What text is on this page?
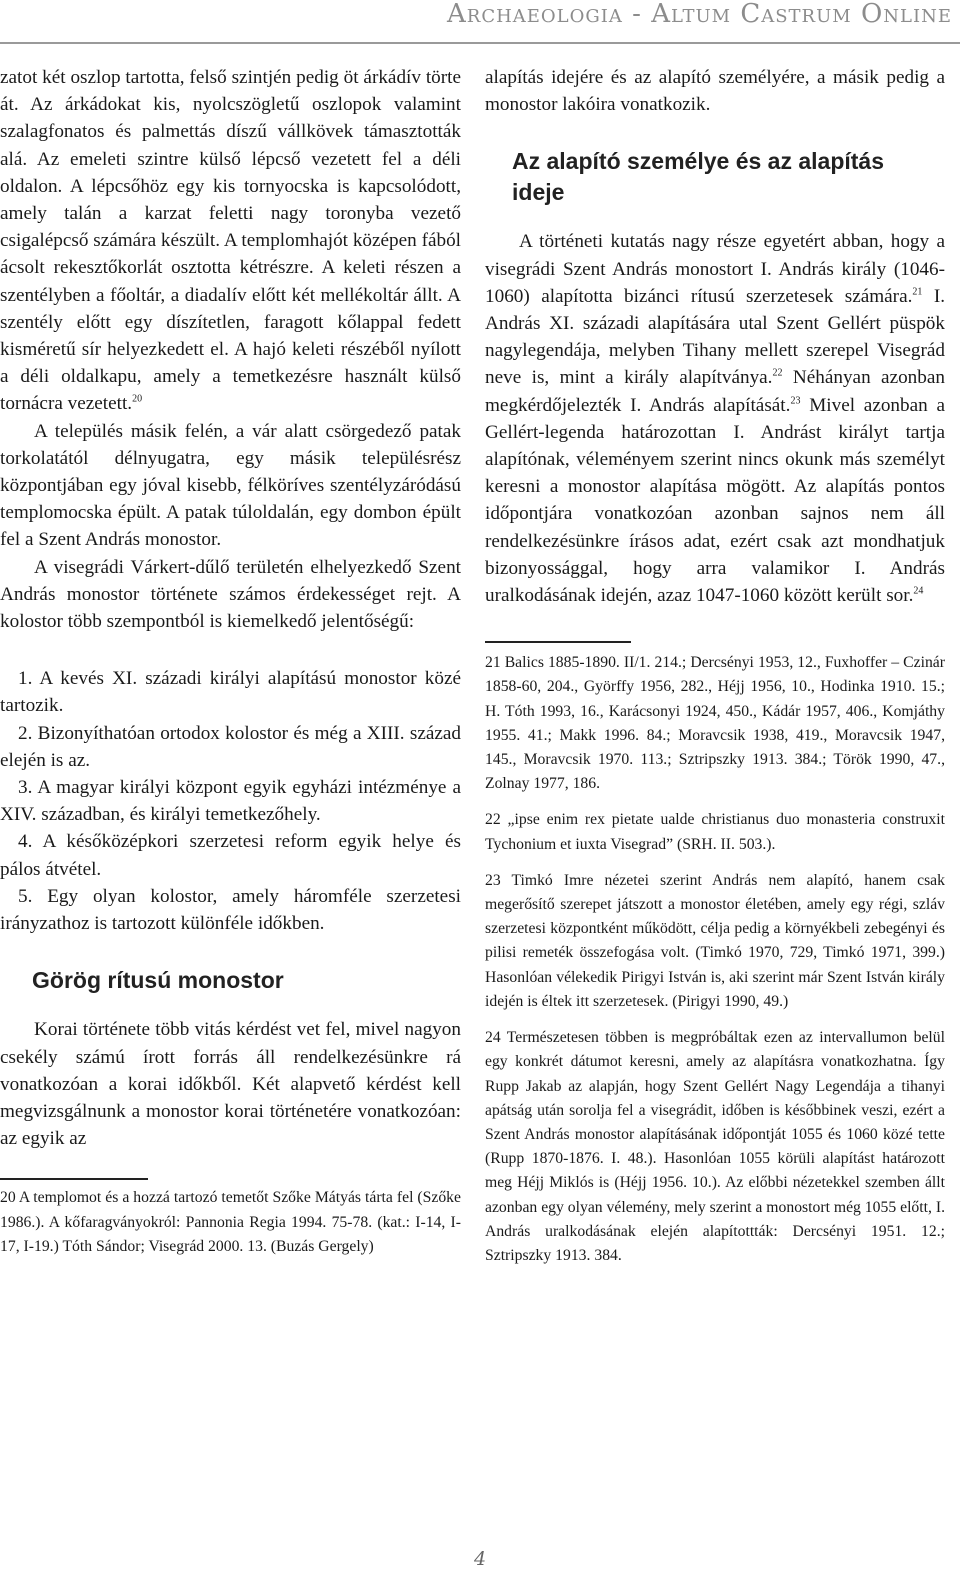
Archaeologia - Altum Castrum Online

zatot két oszlop tartotta, felső szintjén pedig öt árkádív törte át. Az árkádokat kis, nyolcszögletű oszlopok valamint szalagfonatos és palmettás díszű vállkövek támasztották alá. Az emeleti szintre külső lépcső vezetett fel a déli oldalon. A lépcsőhöz egy kis tornyocska is kapcsolódott, amely talán a karzat feletti nagy toronyba vezető csigalépcső számára készült. A templomhajót középen fából ácsolt rekesztőkorlát osztotta kétrészre. A keleti részen a szentélyben a főoltár, a diadalív előtt két mellékoltár állt. A szentély előtt egy díszítetlen, faragott kőlappal fedett kisméretű sír helyezkedett el. A hajó keleti részéből nyílott a déli oldalkapu, amely a temetkezésre használt külső tornácra vezetett.$^{20}$

A település másik felén, a vár alatt csörgedező patak torkolatától délnyugatra, egy másik településrész központjában egy jóval kisebb, félköríves szentélyzáródású templomocska épült. A patak túloldalán, egy dombon épült fel a Szent András monostor.

A visegrádi Várkert-dűlő területén elhelyezkedő Szent András monostor története számos érdekességet rejt. A kolostor több szempontból is kiemelkedő jelentőségű:

1. A kevés XI. századi királyi alapítású monostor közé tartozik.

2. Bizonyíthatóan ortodox kolostor és még a XIII. század elején is az.

3. A magyar királyi központ egyik egyházi intézménye a XIV. században, és királyi temetkezőhely.

4. A későközépkori szerzetesi reform egyik helye és pálos átvétel.

5. Egy olyan kolostor, amely háromféle szerzetesi irányzathoz is tartozott különféle időkben.

Görög rítusú monostor

Korai története több vitás kérdést vet fel, mivel nagyon csekély számú írott forrás áll rendelkezésünkre rá vonatkozóan a korai időkből. Két alapvető kérdést kell megvizsgálnunk a monostor korai történetére vonatkozóan: az egyik az

20 A templomot és a hozzá tartozó temetőt Szőke Mátyás tárta fel (Szőke 1986.). A kőfaragványokról: Pannonia Regia 1994. 75-78. (kat.: I-14, I-17, I-19.) Tóth Sándor; Visegrád 2000. 13. (Buzás Gergely)

alapítás idejére és az alapító személyére, a másik pedig a monostor lakóira vonatkozik.

Az alapító személye és az alapítás ideje

A történeti kutatás nagy része egyetért abban, hogy a visegrádi Szent András monostort I. András király (1046-1060) alapította bizánci rítusú szerzetesek számára.$^{21}$ I. András XI. századi alapítására utal Szent Gellért püspök nagylegendája, melyben Tihany mellett szerepel Visegrád neve is, mint a király alapítványa.$^{22}$ Néhányan azonban megkérdőjelezték I. András alapítását.$^{23}$ Mivel azonban a Gellért-legenda határozottan I. Andrást királyt tartja alapítónak, véleményem szerint nincs okunk más személyt keresni a monostor alapítása mögött. Az alapítás pontos időpontjára vonatkozóan azonban sajnos nem áll rendelkezésünkre írásos adat, ezért csak azt mondhatjuk bizonyossággal, hogy arra valamikor I. András uralkodásának idején, azaz 1047-1060 között került sor.$^{24}$

21 Balics 1885-1890. II/1. 214.; Dercsényi 1953, 12., Fuxhoffer – Czinár 1858-60, 204., Györffy 1956, 282., Héjj 1956, 10., Hodinka 1910. 15.; H. Tóth 1993, 16., Karácsonyi 1924, 450., Kádár 1957, 406., Komjáthy 1955. 41.; Makk 1996. 84.; Moravcsik 1938, 419., Moravcsik 1947, 145., Moravcsik 1970. 113.; Sztripszky 1913. 384.; Török 1990, 47., Zolnay 1977, 186.

22 „ipse enim rex pietate ualde christianus duo monasteria construxit Tychonium et iuxta Visegrad” (SRH. II. 503.).

23 Timkó Imre nézetei szerint András nem alapító, hanem csak megerősítő szerepet játszott a monostor életében, amely egy régi, szláv szerzetesi központként működött, célja pedig a környékbeli zebegényi és pilisi remeték összefogása volt. (Timkó 1970, 729, Timkó 1971, 399.) Hasonlóan vélekedik Pirigyi István is, aki szerint már Szent István király idején is éltek itt szerzetesek. (Pirigyi 1990, 49.)

24 Természetesen többen is megpróbáltak ezen az intervallumon belül egy konkrét dátumot keresni, amely az alapításra vonatkozhatna. Így Rupp Jakab az alapján, hogy Szent Gellért Nagy Legendája a tihanyi apátság után sorolja fel a visegrádit, időben is későbbinek veszi, ezért a Szent András monostor alapításának időpontját 1055 és 1060 közé tette (Rupp 1870-1876. I. 48.). Hasonlóan 1055 körüli alapítást határozott meg Héjj Miklós is (Héjj 1956. 10.). Az előbbi nézetekkel szemben állt azonban egy olyan vélemény, mely szerint a monostort még 1055 előtt, I. András uralkodásának elején alapítottták: Dercsényi 1951. 12.; Sztripszky 1913. 384.

4
